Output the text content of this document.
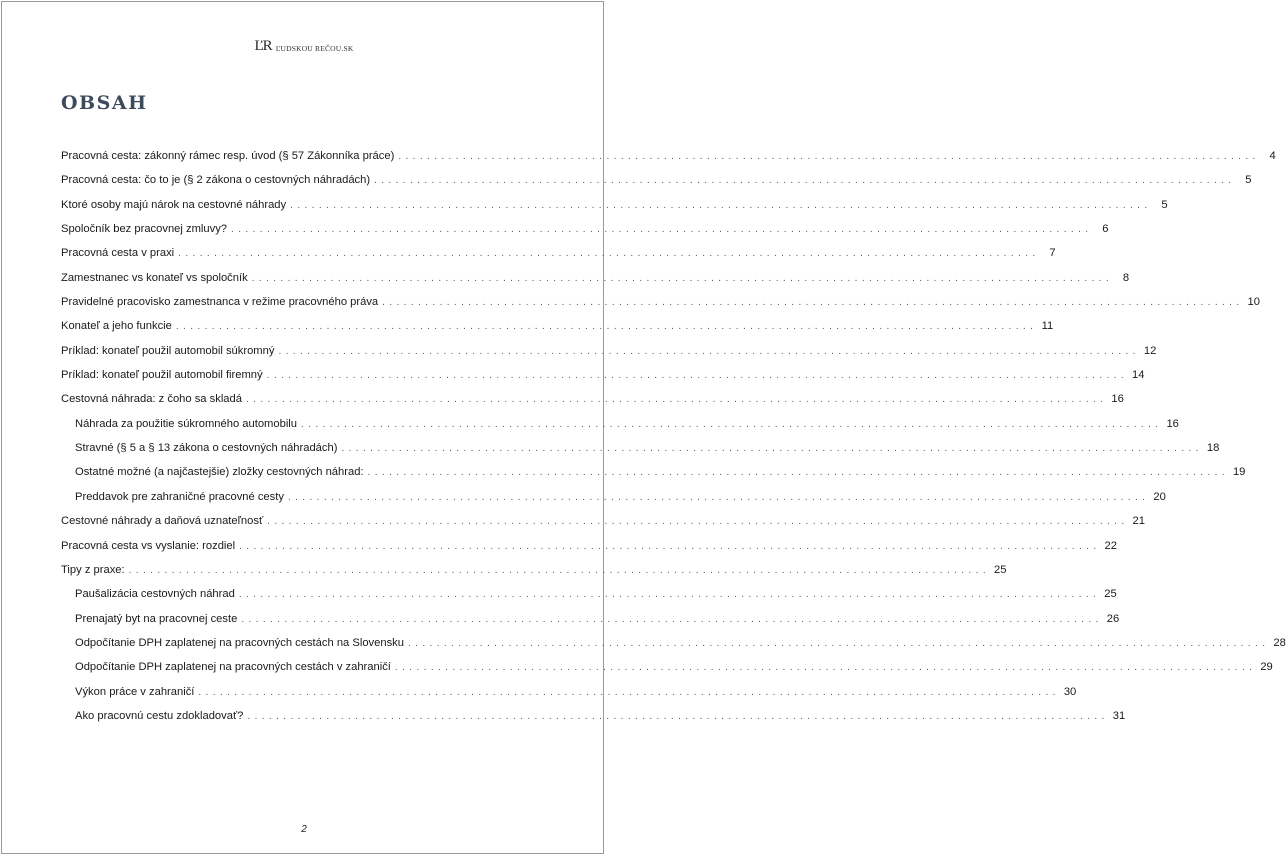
ĽR ĽUDSKOU REČOU.SK
OBSAH
Pracovná cesta: zákonný rámec resp. úvod (§ 57 Zákonníka práce) ........................................................................................................................ 4
Pracovná cesta: čo to je (§ 2 zákona o cestovných náhradách) ........................................................................................................................ 5
Ktoré osoby majú nárok na cestovné náhrady ........................................................................................................................ 5
Spoločník bez pracovnej zmluvy? ........................................................................................................................ 6
Pracovná cesta v praxi ........................................................................................................................ 7
Zamestnanec vs konateľ vs spoločník ........................................................................................................................ 8
Pravidelné pracovisko zamestnanca v režime pracovného práva ........................................................................................................................ 10
Konateľ a jeho funkcie ........................................................................................................................ 11
Príklad: konateľ použil automobil súkromný ........................................................................................................................ 12
Príklad: konateľ použil automobil firemný ........................................................................................................................ 14
Cestovná náhrada: z čoho sa skladá ........................................................................................................................ 16
Náhrada za použitie súkromného automobilu ........................................................................................................................ 16
Stravné (§ 5 a § 13 zákona o cestovných náhradách) ........................................................................................................................ 18
Ostatné možné (a najčastejšie) zložky cestovných náhrad: ........................................................................................................................ 19
Preddavok pre zahraničné pracovné cesty ........................................................................................................................ 20
Cestovné náhrady a daňová uznateľnosť ........................................................................................................................ 21
Pracovná cesta vs vyslanie: rozdiel ........................................................................................................................ 22
Tipy z praxe: ........................................................................................................................ 25
Paušalizácia cestovných náhrad ........................................................................................................................ 25
Prenajatý byt na pracovnej ceste ........................................................................................................................ 26
Odpočítanie DPH zaplatenej na pracovných cestách na Slovensku ........................................................................................................................ 28
Odpočítanie DPH zaplatenej na pracovných cestách v zahraničí ........................................................................................................................ 29
Výkon práce v zahraničí ........................................................................................................................ 30
Ako pracovnú cestu zdokladovať? ........................................................................................................................ 31
2
